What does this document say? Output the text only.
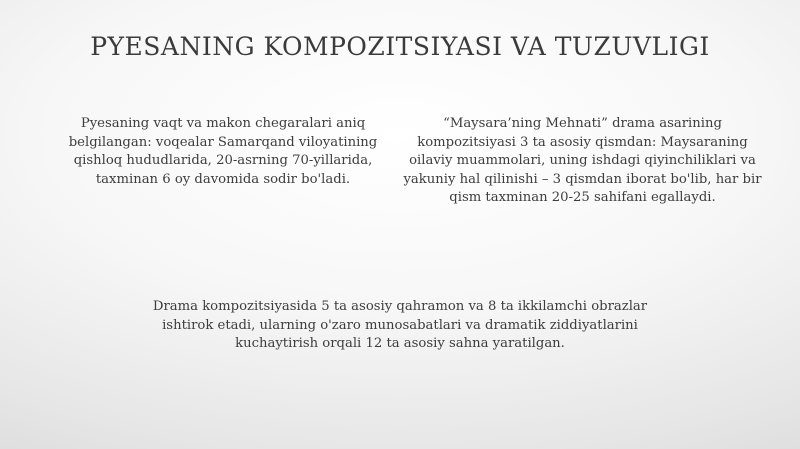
PYESANING KOMPOZITSIYASI VA TUZUVLIGI

Pyesaning vaqt va makon chegaralari aniq belgilangan: voqealar Samarqand viloyatining qishloq hududlarida, 20-asrning 70-yillarida, taxminan 6 oy davomida sodir bo'ladi.

“Maysara’ning Mehnati” drama asarining kompozitsiyasi 3 ta asosiy qismdan: Maysaraning oilaviy muammolari, uning ishdagi qiyinchiliklari va yakuniy hal qilinishi – 3 qismdan iborat bo'lib, har bir qism taxminan 20-25 sahifani egallaydi.

Drama kompozitsiyasida 5 ta asosiy qahramon va 8 ta ikkilamchi obrazlar ishtirok etadi, ularning o'zaro munosabatlari va dramatik ziddiyatlarini kuchaytirish orqali 12 ta asosiy sahna yaratilgan.
